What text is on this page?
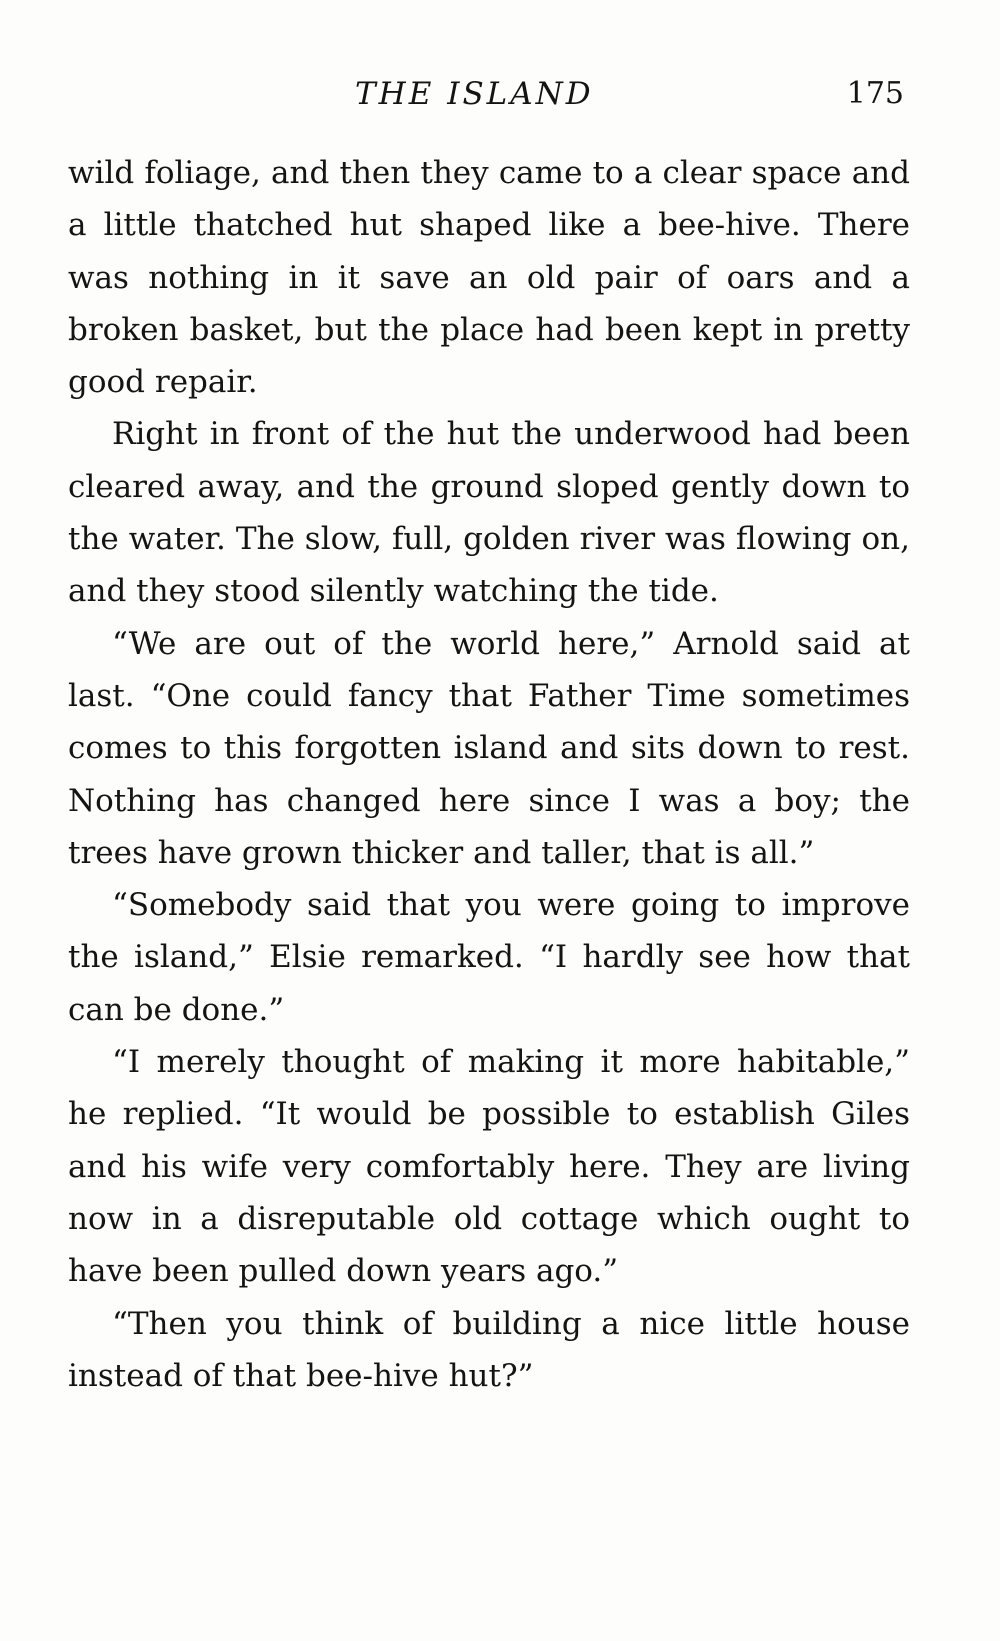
THE ISLAND	175

wild foliage, and then they came to a clear space and a little thatched hut shaped like a bee-hive. There was nothing in it save an old pair of oars and a broken basket, but the place had been kept in pretty good repair.

Right in front of the hut the underwood had been cleared away, and the ground sloped gently down to the water. The slow, full, golden river was flowing on, and they stood silently watching the tide.

“We are out of the world here,” Arnold said at last. “One could fancy that Father Time sometimes comes to this forgotten island and sits down to rest. Nothing has changed here since I was a boy; the trees have grown thicker and taller, that is all.”

“Somebody said that you were going to improve the island,” Elsie remarked. “I hardly see how that can be done.”

“I merely thought of making it more habitable,” he replied. “It would be possible to establish Giles and his wife very comfortably here. They are living now in a disreputable old cottage which ought to have been pulled down years ago.”

“Then you think of building a nice little house instead of that bee-hive hut?”
